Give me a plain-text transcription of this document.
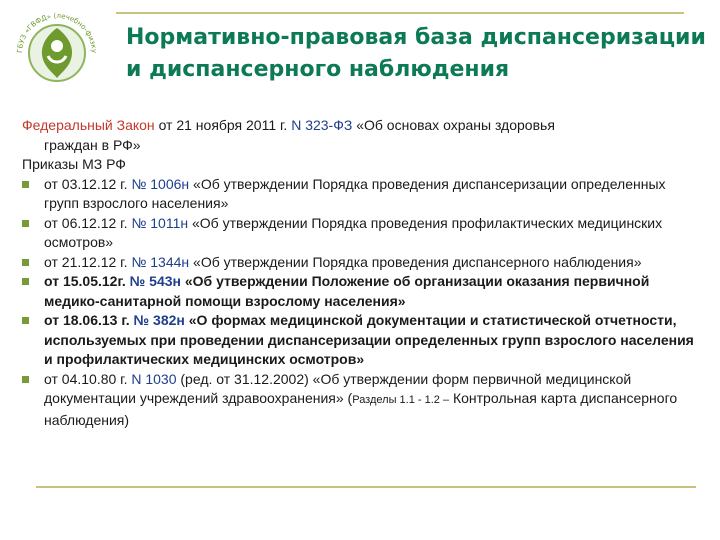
ГБУЗ «ГВФД» (лечебно-физку
Нормативно-правовая база диспансеризации
и диспансерного наблюдения

Федеральный Закон от 21 ноября 2011 г. N 323-ФЗ «Об основах охраны здоровья
граждан в РФ»

Приказы МЗ РФ

от 03.12.12 г. № 1006н «Об утверждении Порядка проведения диспансеризации определенных групп взрослого населения»
от 06.12.12 г. № 1011н «Об утверждении Порядка проведения профилактических медицинских осмотров»
от 21.12.12 г. № 1344н «Об утверждении Порядка проведения диспансерного наблюдения»
от 15.05.12г. № 543н «Об утверждении Положение об организации оказания первичной медико-санитарной помощи взрослому населения»
от 18.06.13 г. № 382н «О формах медицинской документации и статистической отчетности, используемых при проведении диспансеризации определенных групп взрослого населения и профилактических медицинских осмотров»
от 04.10.80 г. N 1030 (ред. от 31.12.2002) «Об утверждении форм первичной медицинской документации учреждений здравоохранения» (Разделы 1.1 - 1.2 – Контрольная карта диспансерного наблюдения)
